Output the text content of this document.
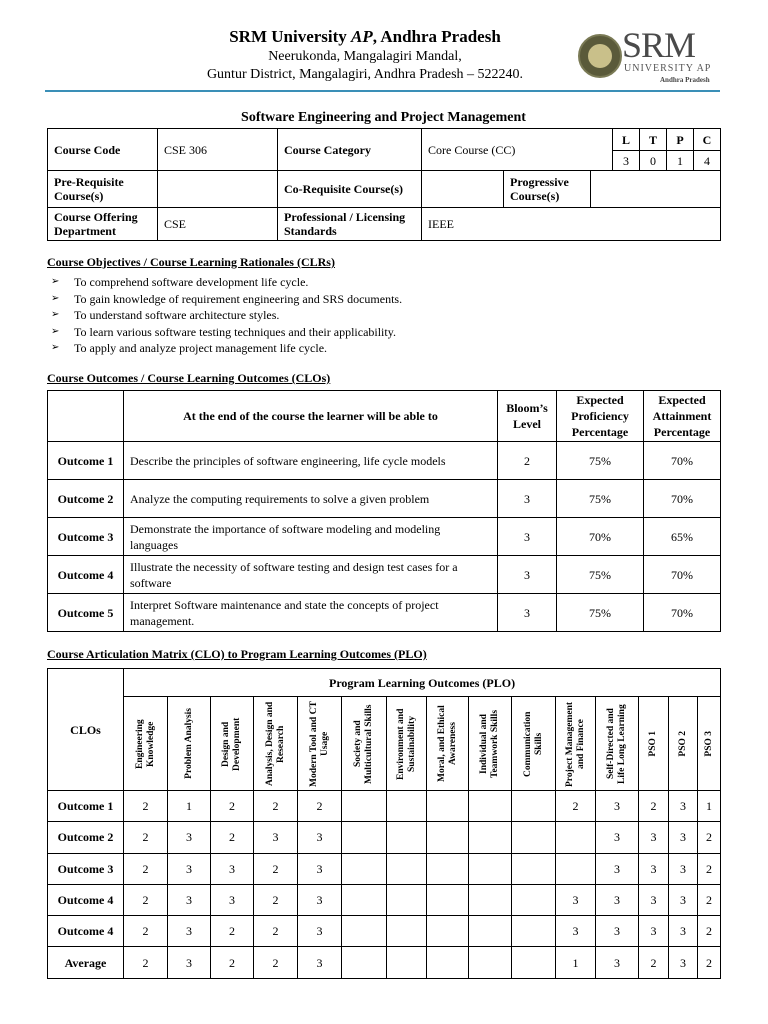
SRM University AP, Andhra Pradesh
Neerukonda, Mangalagiri Mandal,
Guntur District, Mangalagiri, Andhra Pradesh – 522240.
SRM
UNIVERSITY AP
Andhra Pradesh
Software Engineering and Project Management
Course Code	CSE 306	Course Category	Core Course (CC)			L	T	P	C
						3	0	1	4
Pre-Requisite Course(s)		Co-Requisite Course(s)		Progressive Course(s)					
Course Offering Department	CSE	Professional / Licensing Standards	IEEE						
Course Objectives / Course Learning Rationales (CLRs)
➢ To comprehend software development life cycle.
➢ To gain knowledge of requirement engineering and SRS documents.
➢ To understand software architecture styles.
➢ To learn various software testing techniques and their applicability.
➢ To apply and analyze project management life cycle.
Course Outcomes / Course Learning Outcomes (CLOs)
	At the end of the course the learner will be able to	Bloom’s Level	Expected Proficiency Percentage	Expected Attainment Percentage
Outcome 1	Describe the principles of software engineering, life cycle models	2	75%	70%
Outcome 2	Analyze the computing requirements to solve a given problem	3	75%	70%
Outcome 3	Demonstrate the importance of software modeling and modeling languages	3	70%	65%
Outcome 4	Illustrate the necessity of software testing and design test cases for a software	3	75%	70%
Outcome 5	Interpret Software maintenance and state the concepts of project management.	3	75%	70%
Course Articulation Matrix (CLO) to Program Learning Outcomes (PLO)
CLOs	Program Learning Outcomes (PLO)														

	Engineering Knowledge	Problem Analysis	Design and Development	Analysis, Design and Research	Modern Tool and CT Usage	Society and Multicultural Skills	Environment and Sustainability	Moral, and Ethical Awareness	Individual and Teamwork Skills	Communication Skills	Project Management and Finance	Self-Directed and Life Long Learning	PSO 1	PSO 2	PSO 3

Outcome 1	2	1	2	2	2						2	3	2	3	1
Outcome 2	2	3	2	3	3							3	3	3	2
Outcome 3	2	3	3	2	3							3	3	3	2
Outcome 4	2	3	3	2	3						3	3	3	3	2
Outcome 4	2	3	2	2	3						3	3	3	3	2
Average	2	3	2	2	3						1	3	2	3	2
